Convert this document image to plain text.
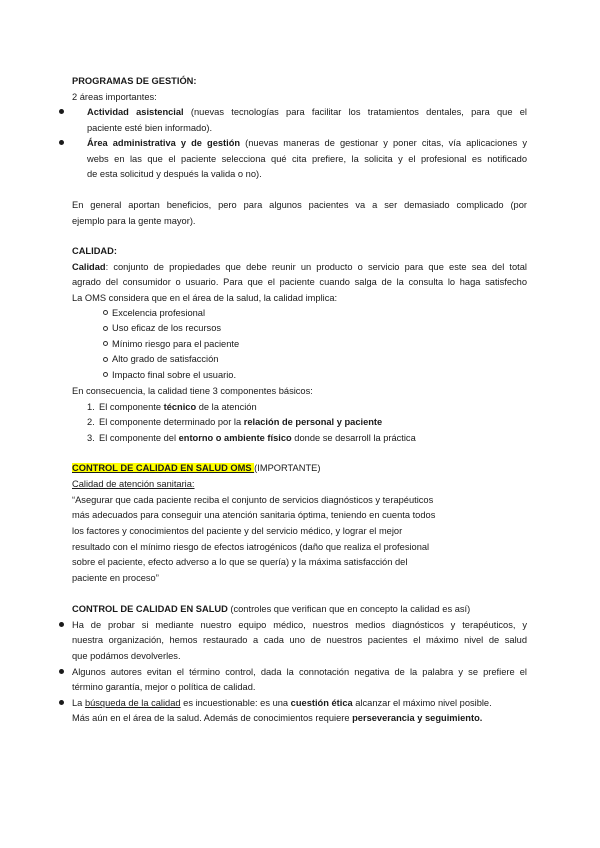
PROGRAMAS DE GESTIÓN:
2 áreas importantes:
Actividad asistencial (nuevas tecnologías para facilitar los tratamientos dentales, para que el
paciente esté bien informado).
Área administrativa y de gestión (nuevas maneras de gestionar y poner citas, vía aplicaciones y
webs en las que el paciente selecciona qué cita prefiere, la solicita y el profesional es notificado
de esta solicitud y después la valida o no).
En general aportan beneficios, pero para algunos pacientes va a ser demasiado complicado (por
ejemplo para la gente mayor).
CALIDAD:
Calidad: conjunto de propiedades que debe reunir un producto o servicio para que este sea del total
agrado del consumidor o usuario. Para que el paciente cuando salga de la consulta lo haga satisfecho
La OMS considera que en el área de la salud, la calidad implica:
Excelencia profesional
Uso eficaz de los recursos
Mínimo riesgo para el paciente
Alto grado de satisfacción
Impacto final sobre el usuario.
En consecuencia, la calidad tiene 3 componentes básicos:
1. El componente técnico de la atención
2. El componente determinado por la relación de personal y paciente
3. El componente del entorno o ambiente físico donde se desarroll la práctica
CONTROL DE CALIDAD EN SALUD OMS (IMPORTANTE)
Calidad de atención sanitaria:
“Asegurar que cada paciente reciba el conjunto de servicios diagnósticos y terapéuticos
más adecuados para conseguir una atención sanitaria óptima, teniendo en cuenta todos
los factores y conocimientos del paciente y del servicio médico, y lograr el mejor
resultado con el mínimo riesgo de efectos iatrogénicos (daño que realiza el profesional
sobre el paciente, efecto adverso a lo que se quería) y la máxima satisfacción del
paciente en proceso”
CONTROL DE CALIDAD EN SALUD (controles que verifican que en concepto la calidad es así)
Ha de probar si mediante nuestro equipo médico, nuestros medios diagnósticos y terapéuticos, y
nuestra organización, hemos restaurado a cada uno de nuestros pacientes el máximo nivel de salud
que podámos devolverles.
Algunos autores evitan el término control, dada la connotación negativa de la palabra y se prefiere el
término garantía, mejor o política de calidad.
La búsqueda de la calidad es incuestionable: es una cuestión ética alcanzar el máximo nivel posible.
Más aún en el área de la salud. Además de conocimientos requiere perseverancia y seguimiento.
